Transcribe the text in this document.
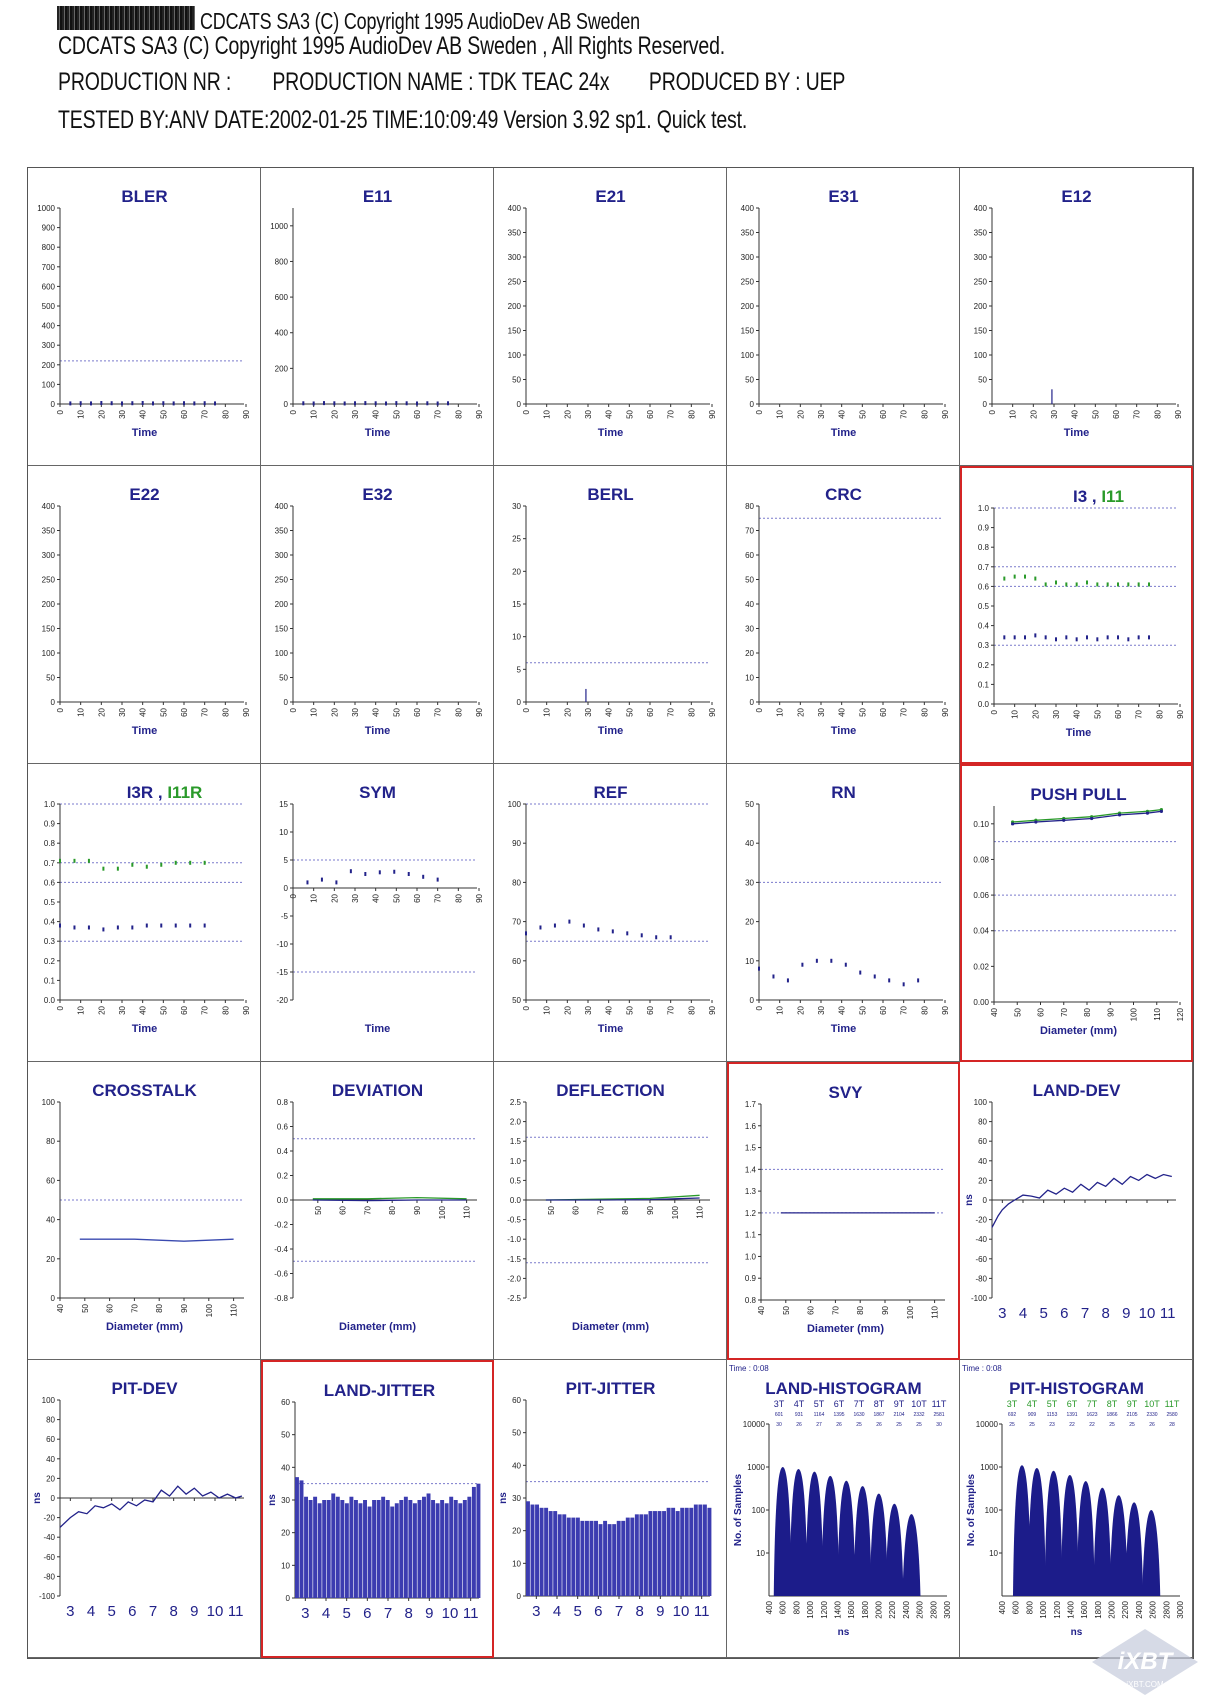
CDCATS SA3 (C) Copyright 1995 AudioDev AB Sweden
CDCATS SA3 (C) Copyright 1995 AudioDev AB Sweden , All Rights Reserved.
PRODUCTION NR : PRODUCTION NAME : TDK TEAC 24x PRODUCED BY : UEP
TESTED BY:ANV DATE:2002-01-25 TIME:10:09:49 Version 3.92 sp1. Quick test.
BLER
0
100
200
300
400
500
600
700
800
900
1000
0 10 20 30 40 50 60 70 80 90
Time
E11
0
200
400
600
800
1000
0 10 20 30 40 50 60 70 80 90
Time
E21
0
50
100
150
200
250
300
350
400
0 10 20 30 40 50 60 70 80 90
Time
E31
0
50
100
150
200
250
300
350
400
0 10 20 30 40 50 60 70 80 90
Time
E12
0
50
100
150
200
250
300
350
400
0 10 20 30 40 50 60 70 80 90
Time
E22
0
50
100
150
200
250
300
350
400
0 10 20 30 40 50 60 70 80 90
Time
E32
0
50
100
150
200
250
300
350
400
0 10 20 30 40 50 60 70 80 90
Time
BERL
0
5
10
15
20
25
30
0 10 20 30 40 50 60 70 80 90
Time
CRC
0
10
20
30
40
50
60
70
80
0 10 20 30 40 50 60 70 80 90
Time
I3 , I11
0.0
0.1
0.2
0.3
0.4
0.5
0.6
0.7
0.8
0.9
1.0
0 10 20 30 40 50 60 70 80 90
Time
I3R , I11R
0.0
0.1
0.2
0.3
0.4
0.5
0.6
0.7
0.8
0.9
1.0
0 10 20 30 40 50 60 70 80 90
Time
SYM
-20
-15
-10
-5
0
5
10
15
0 10 20 30 40 50 60 70 80 90
Time
REF
50
60
70
80
90
100
0 10 20 30 40 50 60 70 80 90
Time
RN
0
10
20
30
40
50
0 10 20 30 40 50 60 70 80 90
Time
PUSH PULL
0.00
0.02
0.04
0.06
0.08
0.10
40 50 60 70 80 90 100 110 120
Diameter (mm)
CROSSTALK
0
20
40
60
80
100
40 50 60 70 80 90 100 110
Diameter (mm)
DEVIATION
-0.8
-0.6
-0.4
-0.2
0.0
0.2
0.4
0.6
0.8
50 60 70 80 90 100 110
Diameter (mm)
DEFLECTION
-2.5
-2.0
-1.5
-1.0
-0.5
0.0
0.5
1.0
1.5
2.0
2.5
50 60 70 80 90 100 110
Diameter (mm)
SVY
0.8
0.9
1.0
1.1
1.2
1.3
1.4
1.5
1.6
1.7
40 50 60 70 80 90 100 110
Diameter (mm)
LAND-DEV
-100
-80
-60
-40
-20
0
20
40
60
80
100
3 4 5 6 7 8 9 10 11
ns
PIT-DEV
-100
-80
-60
-40
-20
0
20
40
60
80
100
3 4 5 6 7 8 9 10 11
ns
LAND-JITTER
0
10
20
30
40
50
60
3 4 5 6 7 8 9 10 11
ns
PIT-JITTER
0
10
20
30
40
50
60
3 4 5 6 7 8 9 10 11
ns
LAND-HISTOGRAM
Time : 0:08
3T 4T 5T 6T 7T 8T 9T 10T 11T
601 931 1164 1395 1630 1867 2104 2332 2581
30	26	27	26	25	26	25	25	30
10
100
1000
10000
400 600 800 1000 1200 1400 1600 1800 2000 2200 2400 2600 2800 3000
ns
No. of Samples
PIT-HISTOGRAM
Time : 0:08
3T 4T 5T 6T 7T 8T 9T 10T 11T
692 909 1153 1391 1623 1866 2105 2330 2580
25	25	23	22	22	25	25	26	28
10
100
1000
10000
400 600 800 1000 1200 1400 1600 1800 2000 2200 2400 2600 2800 3000
ns
No. of Samples
iXBT
iXBT.COM
